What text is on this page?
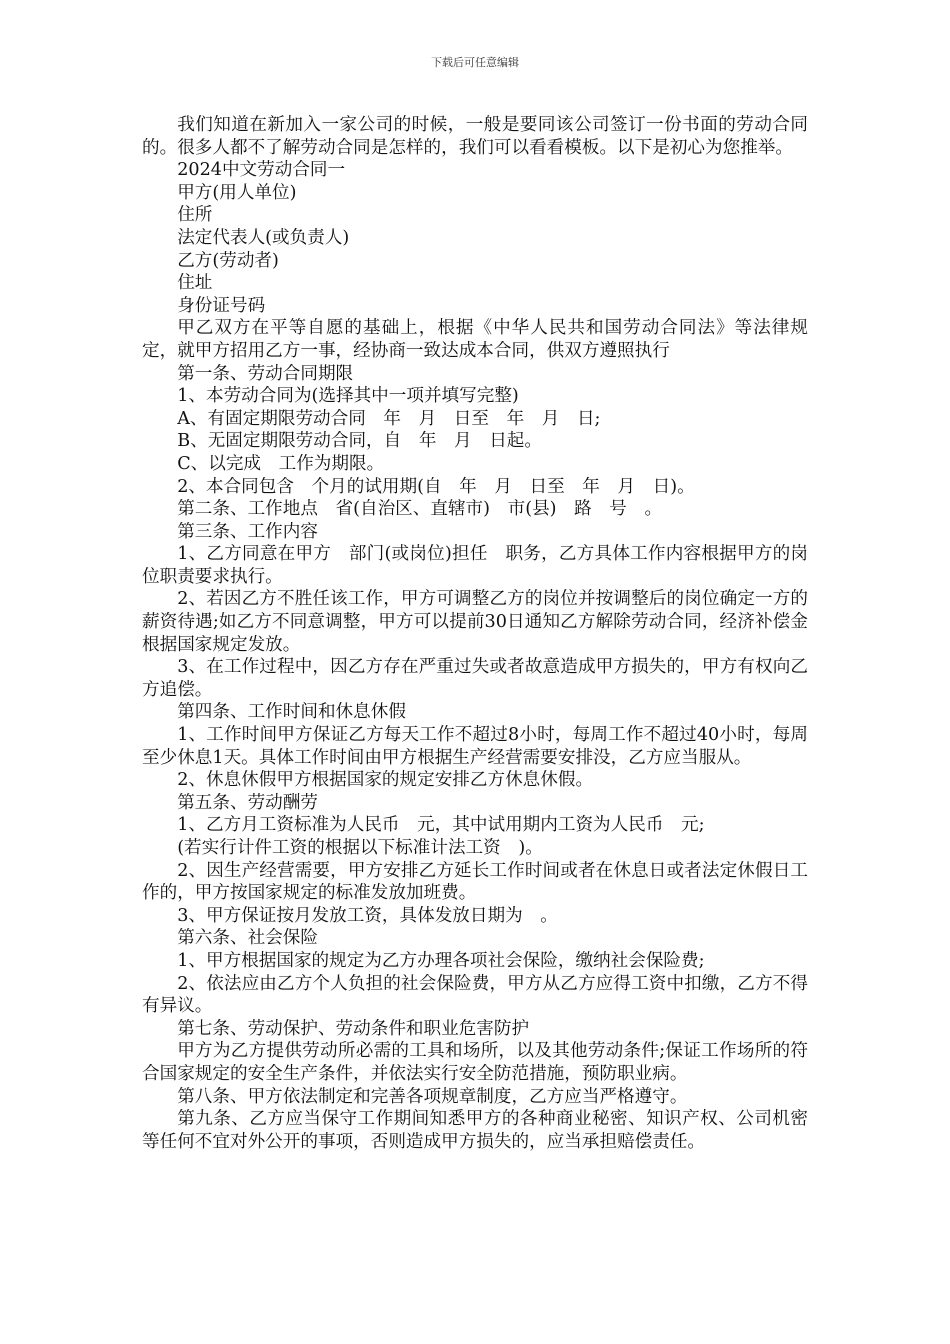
下载后可任意编辑

我们知道在新加入一家公司的时候，一般是要同该公司签订一份书面的劳动合同的。很多人都不了解劳动合同是怎样的，我们可以看看模板。以下是初心为您推举。

2024中文劳动合同一

甲方(用人单位)

住所

法定代表人(或负责人)

乙方(劳动者)

住址

身份证号码

甲乙双方在平等自愿的基础上，根据《中华人民共和国劳动合同法》等法律规定，就甲方招用乙方一事，经协商一致达成本合同，供双方遵照执行

第一条、劳动合同期限

1、本劳动合同为(选择其中一项并填写完整)

A、有固定期限劳动合同　年　月　日至　年　月　日;

B、无固定期限劳动合同，自　年　月　日起。

C、以完成　工作为期限。

2、本合同包含　个月的试用期(自　年　月　日至　年　月　日)。

第二条、工作地点　省(自治区、直辖市)　市(县)　路　号　。

第三条、工作内容

1、乙方同意在甲方　部门(或岗位)担任　职务，乙方具体工作内容根据甲方的岗位职责要求执行。

2、若因乙方不胜任该工作，甲方可调整乙方的岗位并按调整后的岗位确定一方的薪资待遇;如乙方不同意调整，甲方可以提前30日通知乙方解除劳动合同，经济补偿金根据国家规定发放。

3、在工作过程中，因乙方存在严重过失或者故意造成甲方损失的，甲方有权向乙方追偿。

第四条、工作时间和休息休假

1、工作时间甲方保证乙方每天工作不超过8小时，每周工作不超过40小时，每周至少休息1天。具体工作时间由甲方根据生产经营需要安排没，乙方应当服从。

2、休息休假甲方根据国家的规定安排乙方休息休假。

第五条、劳动酬劳

1、乙方月工资标准为人民币　元，其中试用期内工资为人民币　元;

(若实行计件工资的根据以下标准计法工资　)。

2、因生产经营需要，甲方安排乙方延长工作时间或者在休息日或者法定休假日工作的，甲方按国家规定的标准发放加班费。

3、甲方保证按月发放工资，具体发放日期为　。

第六条、社会保险

1、甲方根据国家的规定为乙方办理各项社会保险，缴纳社会保险费;

2、依法应由乙方个人负担的社会保险费，甲方从乙方应得工资中扣缴，乙方不得有异议。

第七条、劳动保护、劳动条件和职业危害防护

甲方为乙方提供劳动所必需的工具和场所，以及其他劳动条件;保证工作场所的符合国家规定的安全生产条件，并依法实行安全防范措施，预防职业病。

第八条、甲方依法制定和完善各项规章制度，乙方应当严格遵守。

第九条、乙方应当保守工作期间知悉甲方的各种商业秘密、知识产权、公司机密等任何不宜对外公开的事项，否则造成甲方损失的，应当承担赔偿责任。
